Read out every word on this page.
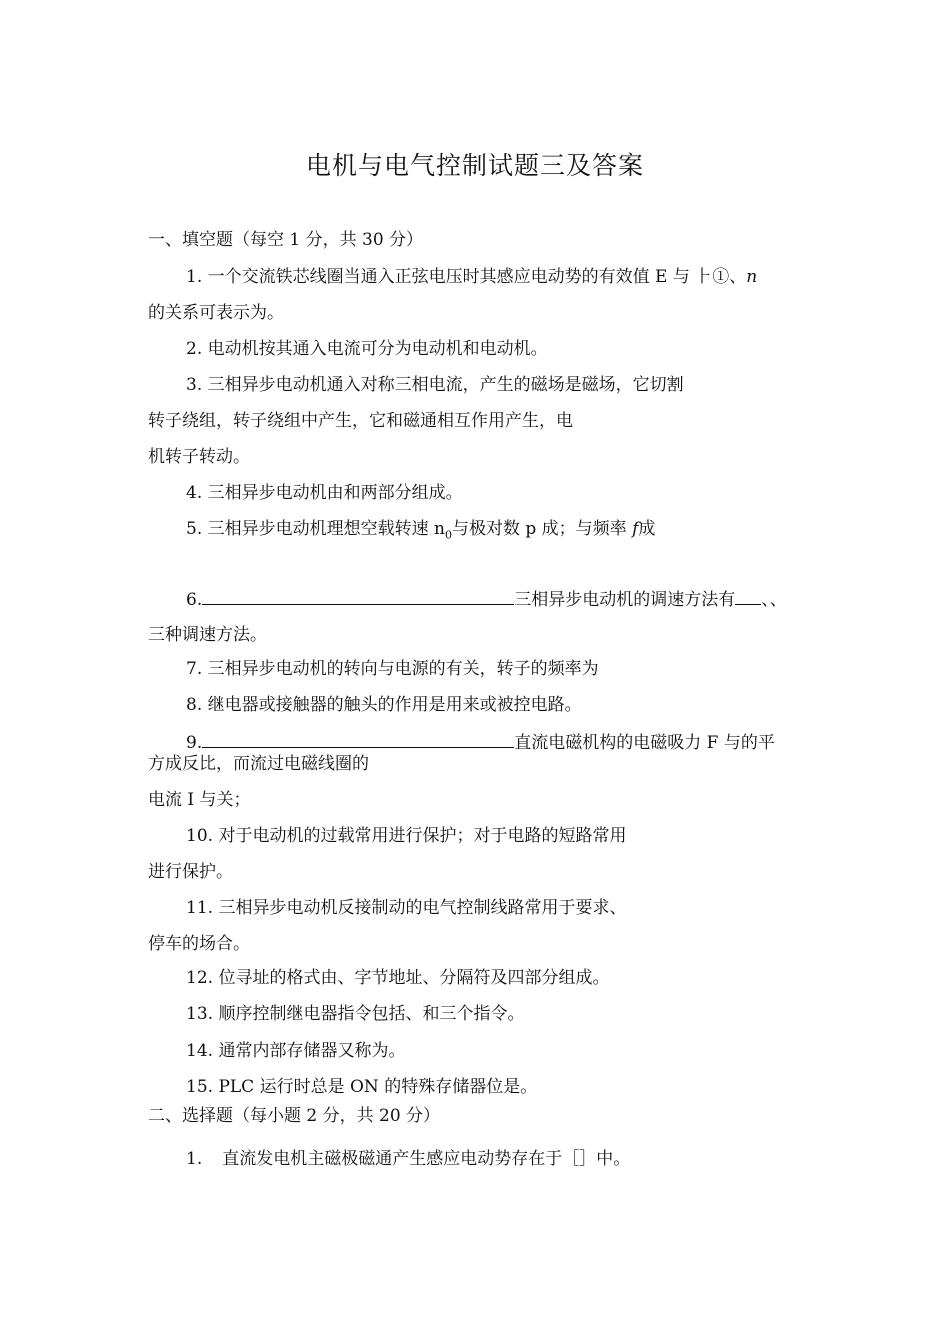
电机与电气控制试题三及答案
一、填空题（每空 1 分，共 30 分）
1. 一个交流铁芯线圈当通入正弦电压时其感应电动势的有效值 E 与 ⺊①、n
的关系可表示为。
2. 电动机按其通入电流可分为电动机和电动机。
3. 三相异步电动机通入对称三相电流，产生的磁场是磁场，它切割
转子绕组，转子绕组中产生，它和磁通相互作用产生，电
机转子转动。
4. 三相异步电动机由和两部分组成。
5. 三相异步电动机理想空载转速 $n_0$与极对数 p 成；与频率 f成
6.	三相异步电动机的调速方法有 、、
三种调速方法。
7. 三相异步电动机的转向与电源的有关，转子的频率为
8. 继电器或接触器的触头的作用是用来或被控电路。
9.	直流电磁机构的电磁吸力 F 与的平
方成反比，而流过电磁线圈的
电流 I 与关；
10. 对于电动机的过载常用进行保护；对于电路的短路常用
进行保护。
11. 三相异步电动机反接制动的电气控制线路常用于要求、
停车的场合。
12. 位寻址的格式由、字节地址、分隔符及四部分组成。
13. 顺序控制继电器指令包括、和三个指令。
14. 通常内部存储器又称为。
15. PLC 运行时总是 ON 的特殊存储器位是。
二、选择题（每小题 2 分，共 20 分）
1. 直流发电机主磁极磁通产生感应电动势存在于［］中。
